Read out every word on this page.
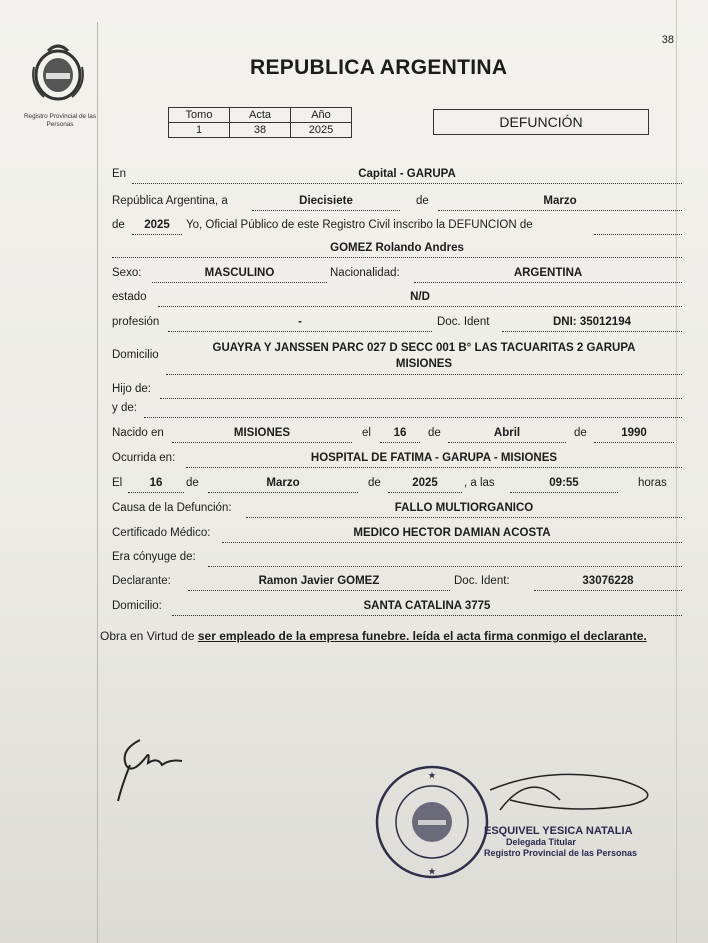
38
Registro Provincial de las Personas
REPUBLICA ARGENTINA
Tomo	Acta	Año
1	38	2025	DEFUNCIÓN
En	Capital - GARUPA
República Argentina, a	Diecisiete	de	Marzo
de	2025	Yo, Oficial Público de este Registro Civil inscribo la DEFUNCION de
GOMEZ Rolando Andres
Sexo:	MASCULINO	Nacionalidad:	ARGENTINA
estado	N/D
profesión	-	Doc. Ident	DNI: 35012194
Domicilio
GUAYRA Y JANSSEN PARC 027 D SECC 001 B° LAS TACUARITAS 2 GARUPA
MISIONES
Hijo de:
y de:
Nacido en	MISIONES	el	16	de	Abril	de	1990
Ocurrida en:	HOSPITAL DE FATIMA - GARUPA - MISIONES
El	16	de	Marzo	de	2025	, a las	09:55	horas
Causa de la Defunción:	FALLO MULTIORGANICO
Certificado Médico:	MEDICO HECTOR DAMIAN ACOSTA
Era cónyuge de:
Declarante:	Ramon Javier GOMEZ	Doc. Ident:	33076228
Domicilio:	SANTA CATALINA 3775
Obra en Virtud de ser empleado de la empresa funebre. leída el acta firma conmigo el declarante.
★
★
ESQUIVEL YESICA NATALIA
Delegada Titular
Registro Provincial de las Personas
